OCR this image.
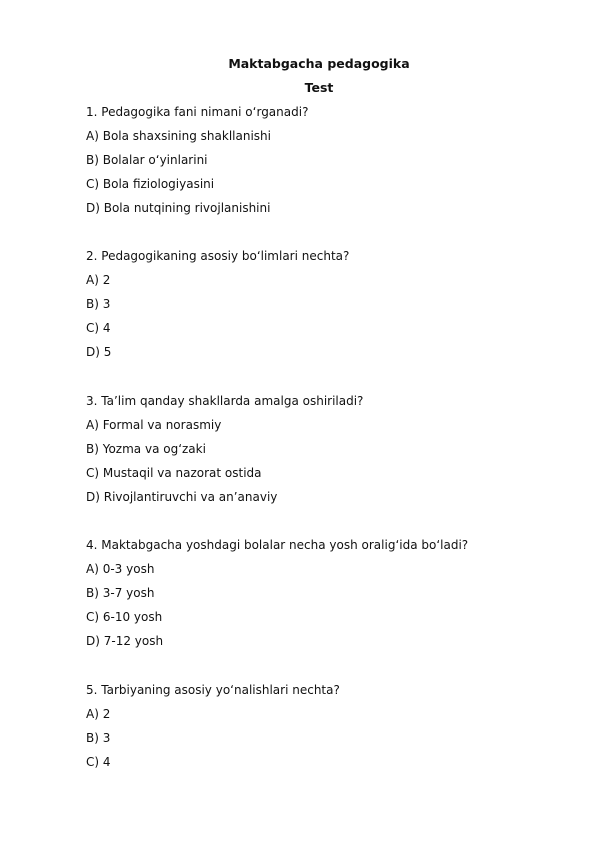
Maktabgacha pedagogika
Test
1. Pedagogika fani nimani o‘rganadi?
A) Bola shaxsining shakllanishi
B) Bolalar o‘yinlarini
C) Bola fiziologiyasini
D) Bola nutqining rivojlanishini
2. Pedagogikaning asosiy bo‘limlari nechta?
A) 2
B) 3
C) 4
D) 5
3. Ta’lim qanday shakllarda amalga oshiriladi?
A) Formal va norasmiy
B) Yozma va og‘zaki
C) Mustaqil va nazorat ostida
D) Rivojlantiruvchi va an’anaviy
4. Maktabgacha yoshdagi bolalar necha yosh oralig‘ida bo‘ladi?
A) 0-3 yosh
B) 3-7 yosh
C) 6-10 yosh
D) 7-12 yosh
5. Tarbiyaning asosiy yo‘nalishlari nechta?
A) 2
B) 3
C) 4
